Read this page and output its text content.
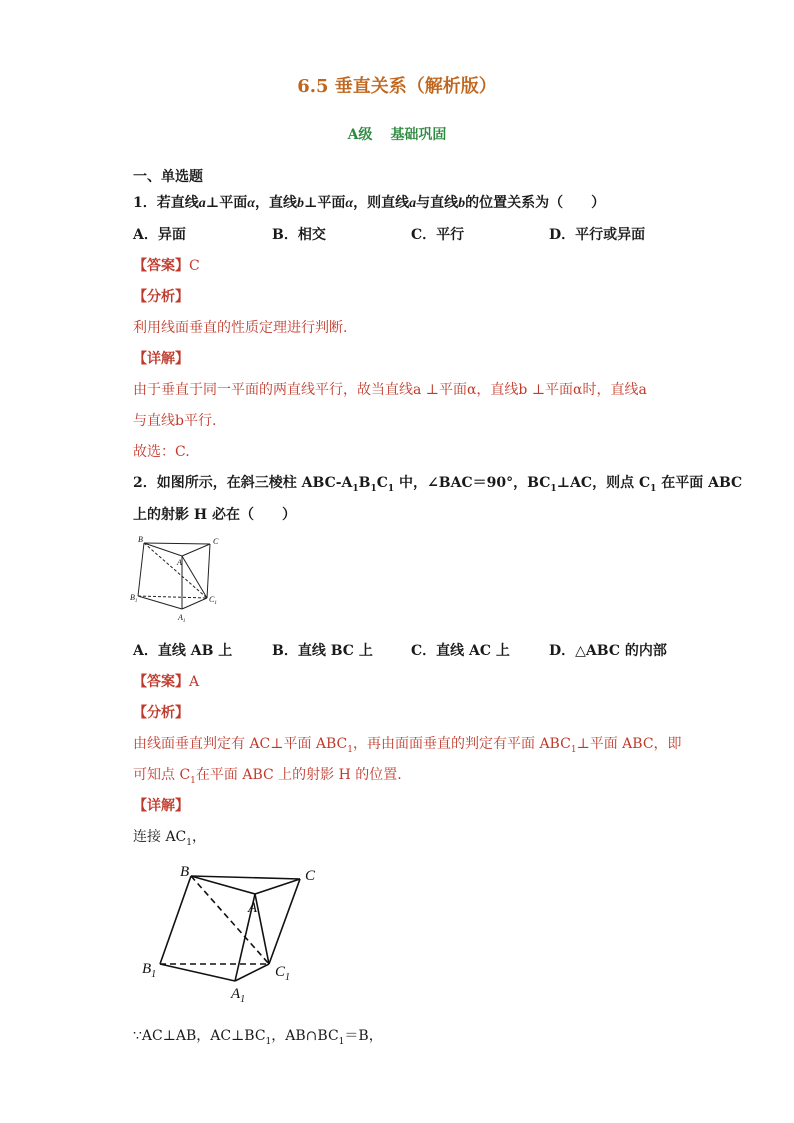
6.5 垂直关系（解析版）
A级 基础巩固
一、单选题
1．若直线a⊥平面α，直线b⊥平面α，则直线a与直线b的位置关系为（　　）
A．异面	B．相交	C．平行	D．平行或异面
【答案】C
【分析】
利用线面垂直的性质定理进行判断.
【详解】
由于垂直于同一平面的两直线平行，故当直线a ⊥平面α，直线b ⊥平面α时，直线a
与直线b平行.
故选：C.
2．如图所示，在斜三棱柱 ABC-$A_1B_1C_1$ 中，∠BAC＝90°，$BC_1\perp AC$，则点 $C_1$ 在平面 ABC
上的射影 H 必在（　　）
B	C
A
$B_1$	$C_1$
$A_1$
A．直线 AB 上	B．直线 BC 上	C．直线 AC 上	D．△ABC 的内部
【答案】A
【分析】
由线面垂直判定有 AC⊥平面 $ABC_1$，再由面面垂直的判定有平面 $ABC_1\perp$平面 ABC，即
可知点 $C_1$在平面 ABC 上的射影 H 的位置.
【详解】
连接 $AC_1$，
B	C
A
$B_1$	$C_1$
$A_1$
∵AC⊥AB，$AC\perp BC_1$，$AB\cap BC_1=B$，
